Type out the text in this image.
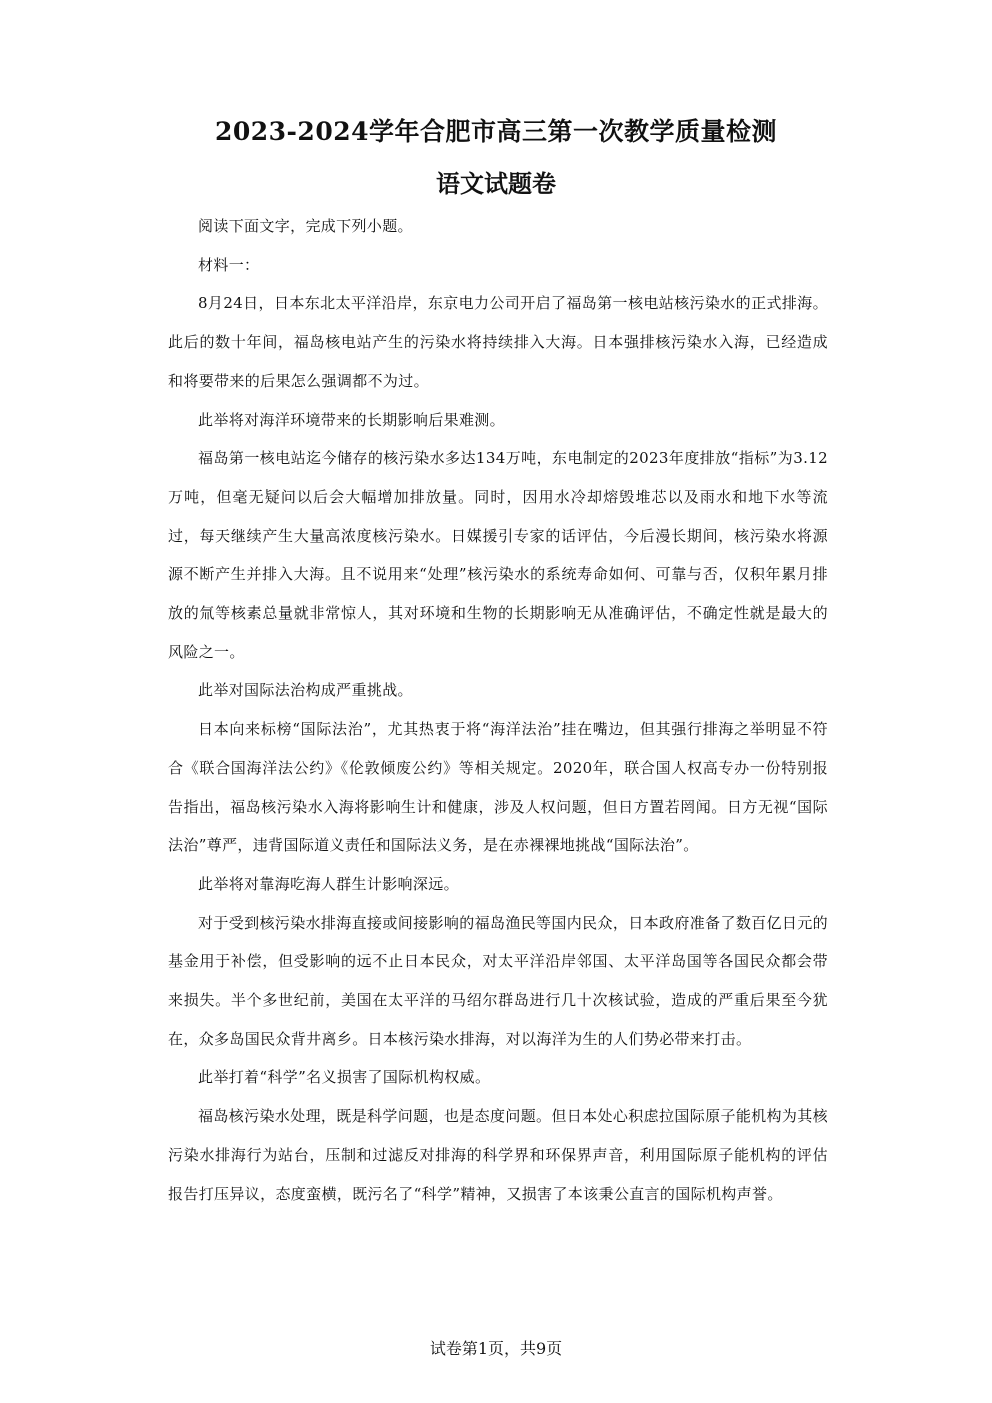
2023-2024学年合肥市高三第一次教学质量检测
语文试题卷

阅读下面文字，完成下列小题。

材料一：

8月24日，日本东北太平洋沿岸，东京电力公司开启了福岛第一核电站核污染水的正式排海。此后的数十年间，福岛核电站产生的污染水将持续排入大海。日本强排核污染水入海，已经造成和将要带来的后果怎么强调都不为过。

此举将对海洋环境带来的长期影响后果难测。

福岛第一核电站迄今储存的核污染水多达134万吨，东电制定的2023年度排放“指标”为3.12万吨，但毫无疑问以后会大幅增加排放量。同时，因用水冷却熔毁堆芯以及雨水和地下水等流过，每天继续产生大量高浓度核污染水。日媒援引专家的话评估，今后漫长期间，核污染水将源源不断产生并排入大海。且不说用来“处理”核污染水的系统寿命如何、可靠与否，仅积年累月排放的氚等核素总量就非常惊人，其对环境和生物的长期影响无从准确评估，不确定性就是最大的风险之一。

此举对国际法治构成严重挑战。

日本向来标榜“国际法治”，尤其热衷于将“海洋法治”挂在嘴边，但其强行排海之举明显不符合《联合国海洋法公约》《伦敦倾废公约》等相关规定。2020年，联合国人权高专办一份特别报告指出，福岛核污染水入海将影响生计和健康，涉及人权问题，但日方置若罔闻。日方无视“国际法治”尊严，违背国际道义责任和国际法义务，是在赤裸裸地挑战“国际法治”。

此举将对靠海吃海人群生计影响深远。

对于受到核污染水排海直接或间接影响的福岛渔民等国内民众，日本政府准备了数百亿日元的基金用于补偿，但受影响的远不止日本民众，对太平洋沿岸邻国、太平洋岛国等各国民众都会带来损失。半个多世纪前，美国在太平洋的马绍尔群岛进行几十次核试验，造成的严重后果至今犹在，众多岛国民众背井离乡。日本核污染水排海，对以海洋为生的人们势必带来打击。

此举打着“科学”名义损害了国际机构权威。

福岛核污染水处理，既是科学问题，也是态度问题。但日本处心积虑拉国际原子能机构为其核污染水排海行为站台，压制和过滤反对排海的科学界和环保界声音，利用国际原子能机构的评估报告打压异议，态度蛮横，既污名了“科学”精神，又损害了本该秉公直言的国际机构声誉。

试卷第1页，共9页
